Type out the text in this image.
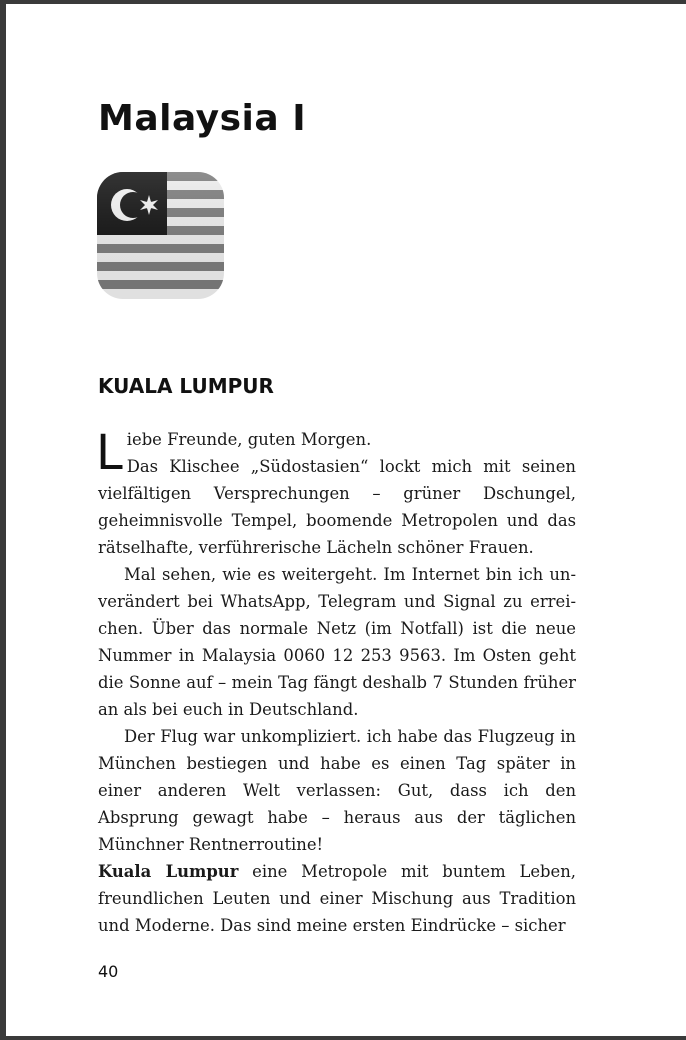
Malaysia I
KUALA LUMPUR

Liebe Freunde, guten Morgen.
Das Klischee „Südostasien“ lockt mich mit seinen vielfältigen Versprechungen – grüner Dschungel, geheimnisvolle Tempel, boomende Metropolen und das rätselhafte, verführerische Lächeln schöner Frauen.

Mal sehen, wie es weitergeht. Im Internet bin ich unverändert bei WhatsApp, Telegram und Signal zu erreichen. Über das normale Netz (im Notfall) ist die neue Nummer in Malaysia 0060 12 253 9563. Im Osten geht die Sonne auf – mein Tag fängt deshalb 7 Stunden früher an als bei euch in Deutschland.

Der Flug war unkompliziert. ich habe das Flugzeug in München bestiegen und habe es einen Tag später in einer anderen Welt verlassen: Gut, dass ich den Absprung gewagt habe – heraus aus der täglichen Münchner Rentnerroutine!

Kuala Lumpur eine Metropole mit buntem Leben, freundlichen Leuten und einer Mischung aus Tradition und Moderne. Das sind meine ersten Eindrücke – sicher

40
